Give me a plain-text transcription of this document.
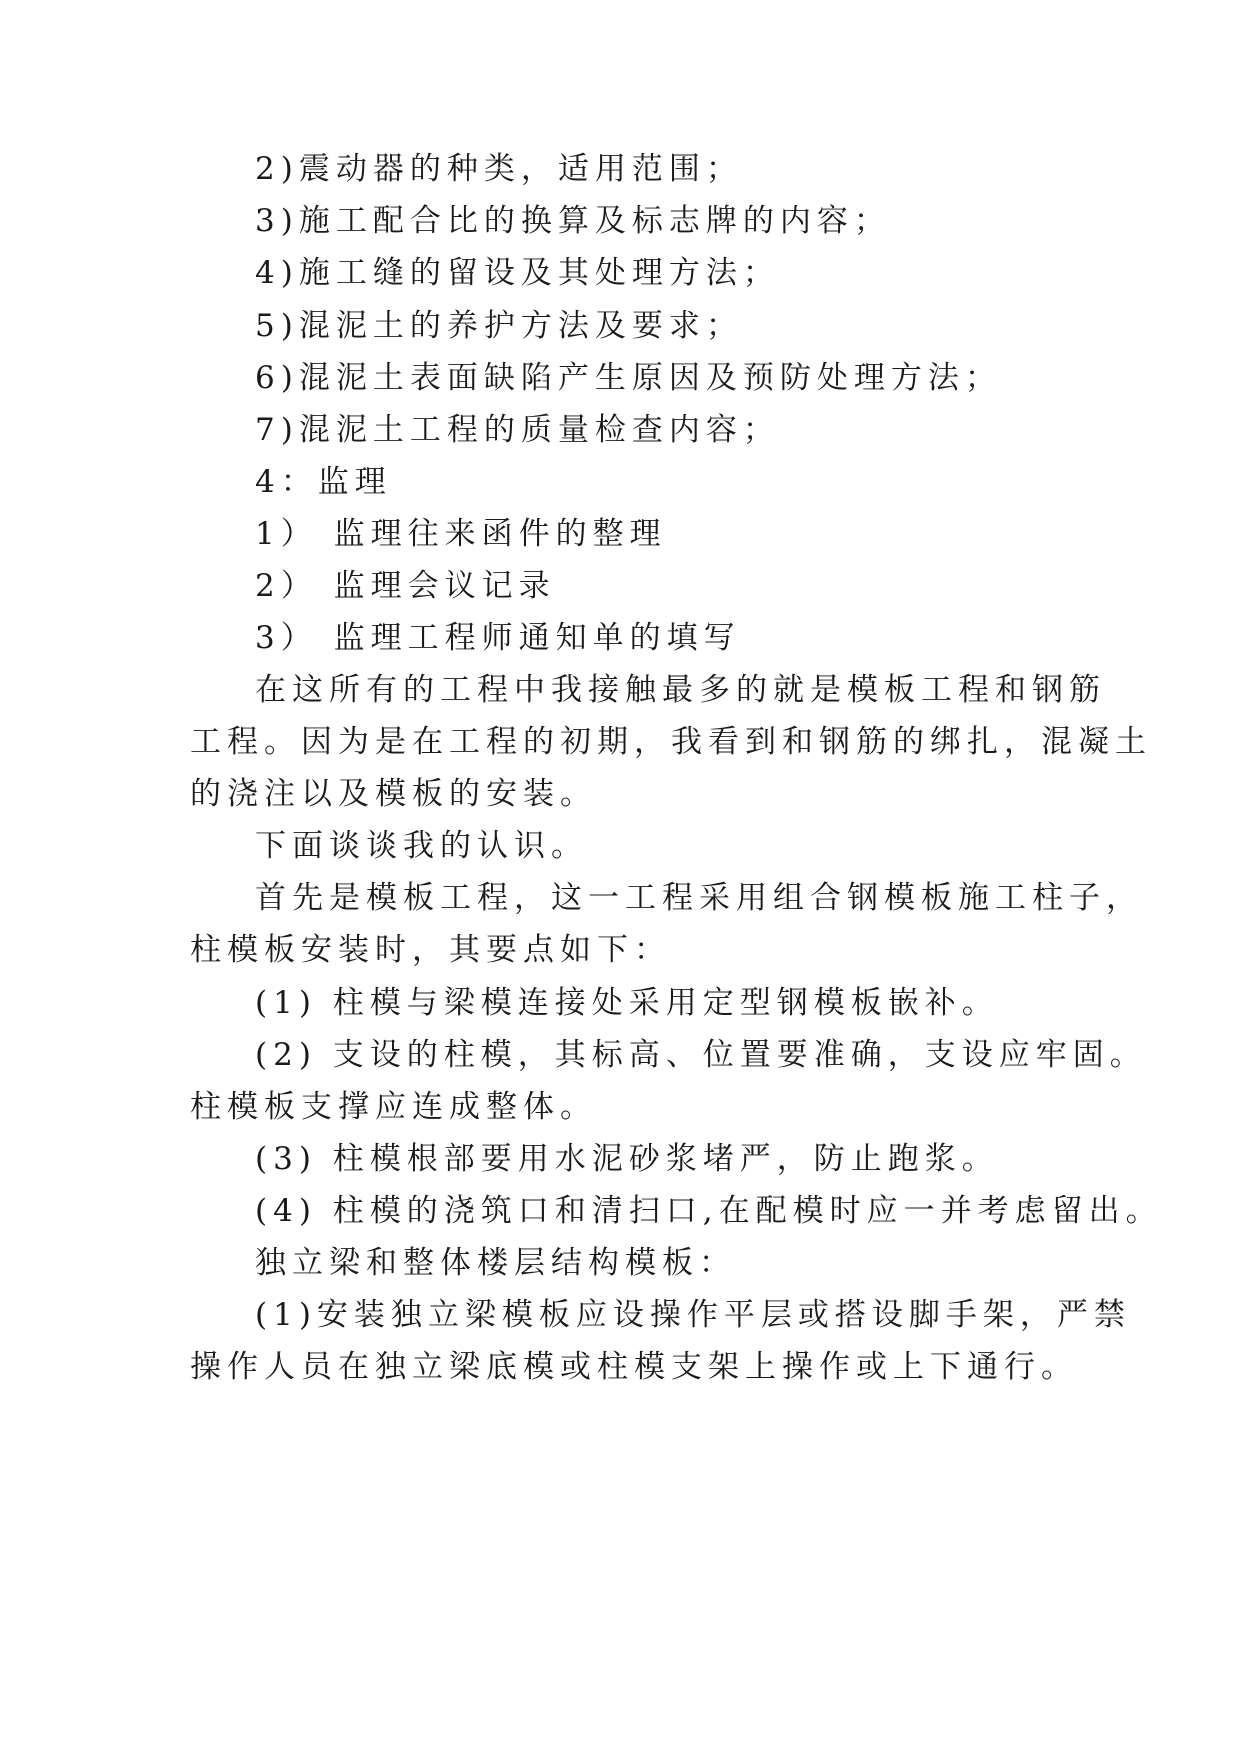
2)震动器的种类，适用范围；
3)施工配合比的换算及标志牌的内容；
4)施工缝的留设及其处理方法；
5)混泥土的养护方法及要求；
6)混泥土表面缺陷产生原因及预防处理方法；
7)混泥土工程的质量检查内容；
4：监理
1） 监理往来函件的整理
2） 监理会议记录
3） 监理工程师通知单的填写
在这所有的工程中我接触最多的就是模板工程和钢筋
工程。因为是在工程的初期，我看到和钢筋的绑扎，混凝土
的浇注以及模板的安装。
下面谈谈我的认识。
首先是模板工程，这一工程采用组合钢模板施工柱子，
柱模板安装时，其要点如下：
(1) 柱模与梁模连接处采用定型钢模板嵌补。
(2) 支设的柱模，其标高、位置要准确，支设应牢固。
柱模板支撑应连成整体。
(3) 柱模根部要用水泥砂浆堵严，防止跑浆。
(4) 柱模的浇筑口和清扫口,在配模时应一并考虑留出。
独立梁和整体楼层结构模板：
(1)安装独立梁模板应设操作平层或搭设脚手架，严禁
操作人员在独立梁底模或柱模支架上操作或上下通行。
